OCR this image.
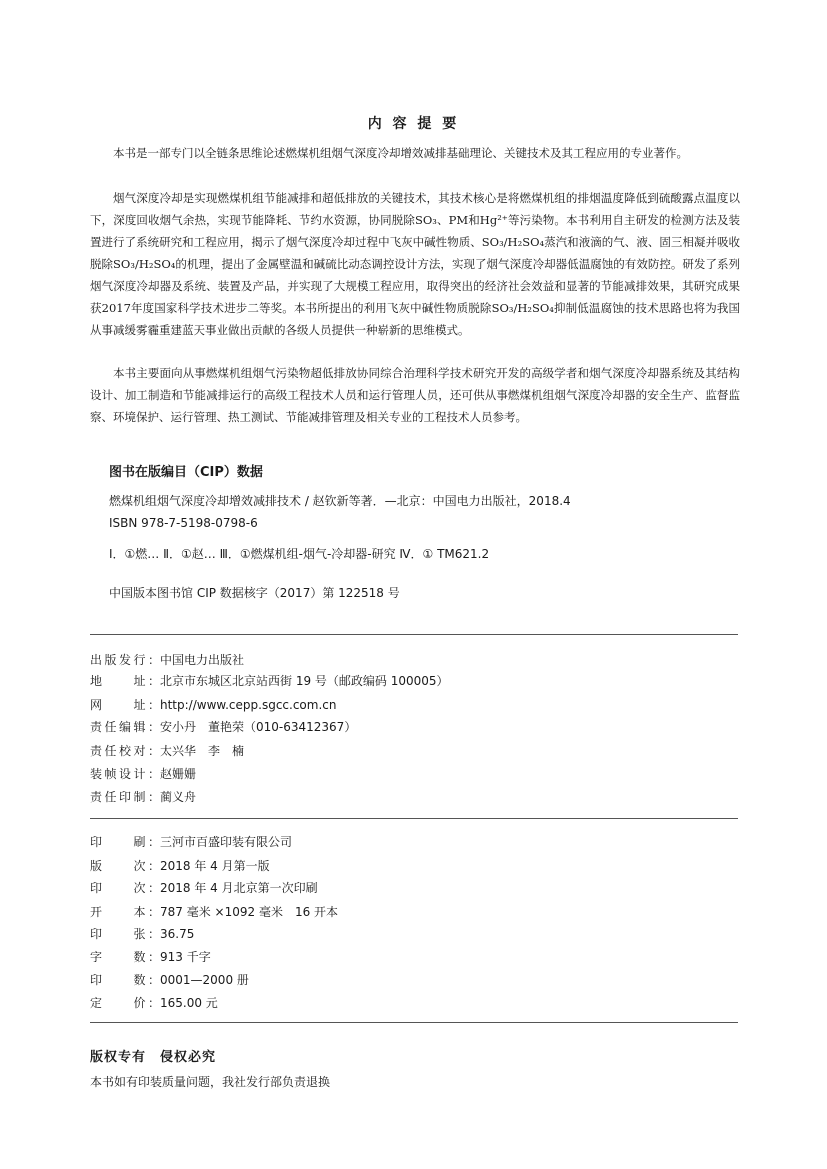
内 容 提 要

本书是一部专门以全链条思维论述燃煤机组烟气深度冷却增效减排基础理论、关键技术及其工程应用的专业著作。

烟气深度冷却是实现燃煤机组节能减排和超低排放的关键技术，其技术核心是将燃煤机组的排烟温度降低到硫酸露点温度以下，深度回收烟气余热，实现节能降耗、节约水资源，协同脱除SO₃、PM和Hg²⁺等污染物。本书利用自主研发的检测方法及装置进行了系统研究和工程应用，揭示了烟气深度冷却过程中飞灰中碱性物质、SO₃/H₂SO₄蒸汽和液滴的气、液、固三相凝并吸收脱除SO₃/H₂SO₄的机理，提出了金属壁温和碱硫比动态调控设计方法，实现了烟气深度冷却器低温腐蚀的有效防控。研发了系列烟气深度冷却器及系统、装置及产品，并实现了大规模工程应用，取得突出的经济社会效益和显著的节能减排效果，其研究成果获2017年度国家科学技术进步二等奖。本书所提出的利用飞灰中碱性物质脱除SO₃/H₂SO₄抑制低温腐蚀的技术思路也将为我国从事减缓雾霾重建蓝天事业做出贡献的各级人员提供一种崭新的思维模式。

本书主要面向从事燃煤机组烟气污染物超低排放协同综合治理科学技术研究开发的高级学者和烟气深度冷却器系统及其结构设计、加工制造和节能减排运行的高级工程技术人员和运行管理人员，还可供从事燃煤机组烟气深度冷却器的安全生产、监督监察、环境保护、运行管理、热工测试、节能减排管理及相关专业的工程技术人员参考。

图书在版编目（CIP）数据
燃煤机组烟气深度冷却增效减排技术 / 赵钦新等著．—北京：中国电力出版社，2018.4
ISBN 978-7-5198-0798-6
Ⅰ．①燃… Ⅱ．①赵… Ⅲ．①燃煤机组-烟气-冷却器-研究 Ⅳ．① TM621.2
中国版本图书馆 CIP 数据核字（2017）第 122518 号
出版发行：中国电力出版社
地　　址：北京市东城区北京站西街 19 号（邮政编码 100005）
网　　址：http://www.cepp.sgcc.com.cn
责任编辑：安小丹　董艳荣（010-63412367）
责任校对：太兴华　李　楠
装帧设计：赵姗姗
责任印制：蔺义舟
印　　刷：三河市百盛印装有限公司
版　　次：2018 年 4 月第一版
印　　次：2018 年 4 月北京第一次印刷
开　　本：787 毫米 ×1092 毫米　16 开本
印　　张：36.75
字　　数：913 千字
印　　数：0001—2000 册
定　　价：165.00 元
版权专有　侵权必究
本书如有印装质量问题，我社发行部负责退换
